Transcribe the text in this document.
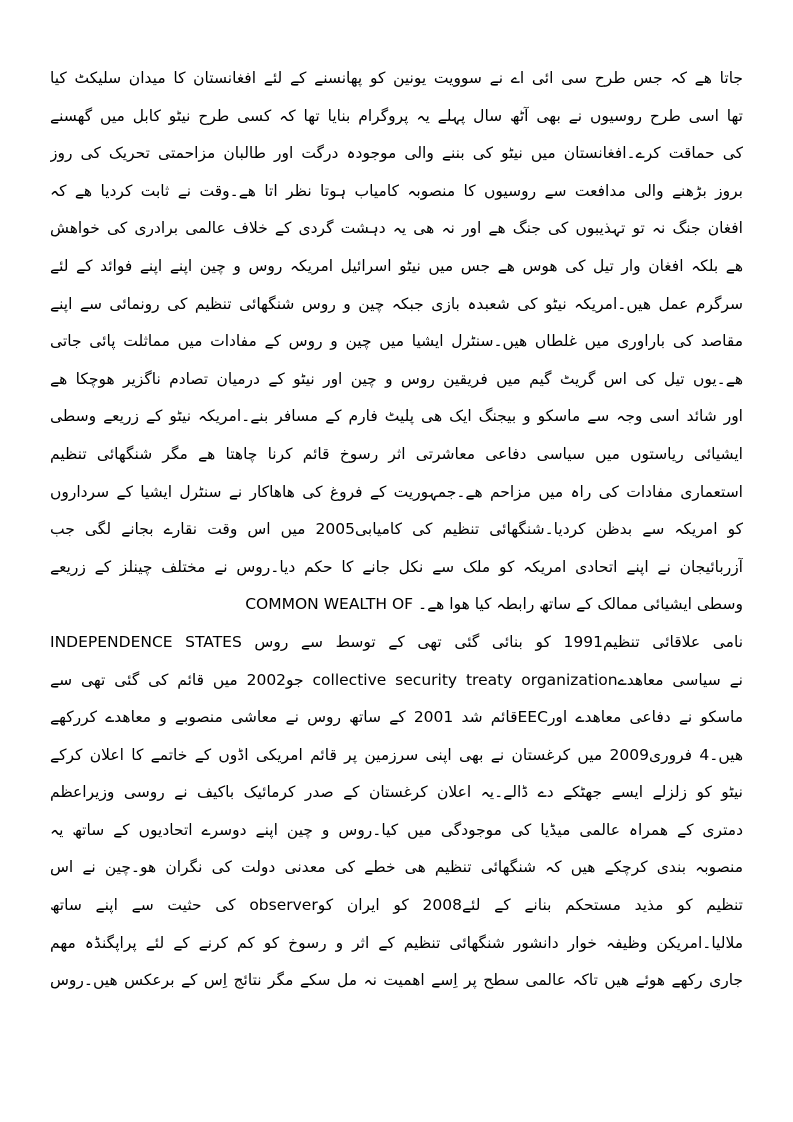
جاتا ھے کہ جس طرح سی ائی اے نے سوویت یونین کو پھانسنے کے لئے افغانستان کا میدان سلیکٹ کیا
تھا اسی طرح روسیوں نے بھی آٹھ سال پہلے یہ پروگرام بنایا تھا کہ کسی طرح نیٹو کابل میں گھسنے
کی حماقت کرے۔افغانستان میں نیٹو کی بننے والی موجودہ درگت اور طالبان مزاحمتی تحریک کی روز
بروز بڑھنے والی مدافعت سے روسیوں کا منصوبہ کامیاب ہوتا نظر اتا ھے۔وقت نے ثابت کردیا ھے کہ
افغان جنگ نہ تو تہذیبوں کی جنگ ھے اور نہ ھی یہ دہشت گردی کے خلاف عالمی برادری کی خواھش
ھے بلکہ افغان وار تیل کی ھوس ھے جس میں نیٹو اسرائیل امریکہ روس و چین اپنے اپنے فوائد کے لئے
سرگرم عمل ھیں۔امریکہ نیٹو کی شعبدہ بازی جبکہ چین و روس شنگھائی تنظیم کی رونمائی سے اپنے
مقاصد کی باراوری میں غلطاں ھیں۔سنٹرل ایشیا میں چین و روس کے مفادات میں مماثلت پائی جاتی
ھے۔یوں تیل کی اس گریٹ گیم میں فریقین روس و چین اور نیٹو کے درمیان تصادم ناگزیر ھوچکا ھے
اور شائد اسی وجہ سے ماسکو و بیجنگ ایک ھی پلیٹ فارم کے مسافر بنے۔امریکہ نیٹو کے زریعے وسطی
ایشیائی ریاستوں میں سیاسی دفاعی معاشرتی اثر رسوخ قائم کرنا چاھتا ھے مگر شنگھائی تنظیم
استعماری مفادات کی راہ میں مزاحم ھے۔جمہوریت کے فروغ کی ھاھاکار نے سنٹرل ایشیا کے سرداروں
کو امریکہ سے بدظن کردیا۔شنگھائی تنظیم کی کامیابی2005 میں اس وقت نقارے بجانے لگی جب
آزربائیجان نے اپنے اتحادی امریکہ کو ملک سے نکل جانے کا حکم دیا۔روس نے مختلف چینلز کے زریعے
وسطی ایشیائی ممالک کے ساتھ رابطہ کیا ھوا ھے۔ COMMON WEALTH OF
INDEPENDENCE STATES نامی علاقائی تنظیم1991 کو بنائی گئی تھی کے توسط سے روس
نے سیاسی معاھدےcollective security treaty organization جو2002 میں قائم کی گئی تھی سے
ماسکو نے دفاعی معاھدے اورEECقائم شد 2001 کے ساتھ روس نے معاشی منصوبے و معاھدے کررکھے
ھیں۔4 فروری2009 میں کرغستان نے بھی اپنی سرزمین پر قائم امریکی اڈوں کے خاتمے کا اعلان کرکے
نیٹو کو زلزلے ایسے جھٹکے دے ڈالے۔یہ اعلان کرغستان کے صدر کرمائیک باکیف نے روسی وزیراعظم
دمتری کے ھمراہ عالمی میڈیا کی موجودگی میں کیا۔روس و چین اپنے دوسرے اتحادیوں کے ساتھ یہ
منصوبہ بندی کرچکے ھیں کہ شنگھائی تنظیم ھی خطے کی معدنی دولت کی نگران ھو۔چین نے اس
تنظیم کو مذید مستحکم بنانے کے لئے2008 کو ایران کوobserver کی حثیت سے اپنے ساتھ
ملالیا۔امریکن وظیفہ خوار دانشور شنگھائی تنظیم کے اثر و رسوخ کو کم کرنے کے لئے پراپگنڈہ مھم
جاری رکھے ھوئے ھیں تاکہ عالمی سطح پر اِسے اھمیت نہ مل سکے مگر نتائج اِس کے برعکس ھیں۔روس
